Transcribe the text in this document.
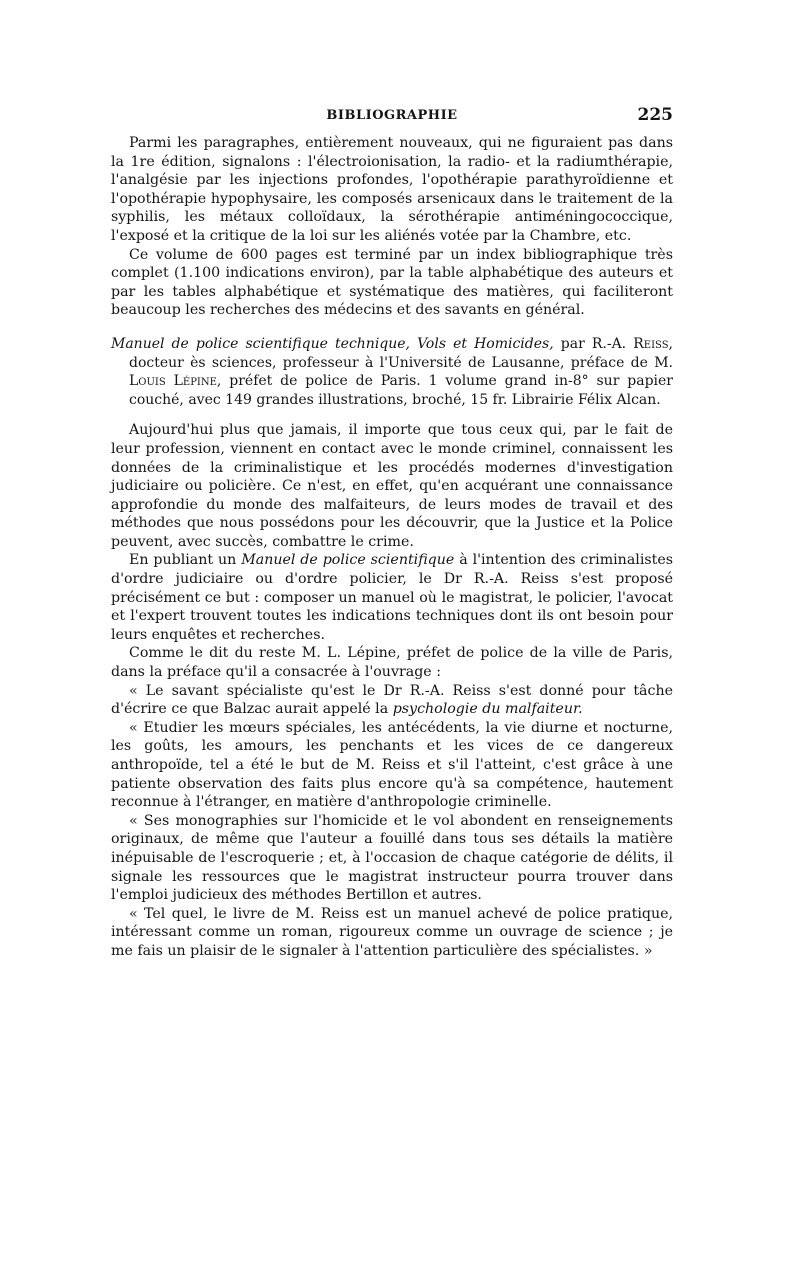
BIBLIOGRAPHIE	225

Parmi les paragraphes, entièrement nouveaux, qui ne figuraient pas dans la 1re édition, signalons : l'électroionisation, la radio- et la radiumthérapie, l'analgésie par les injections profondes, l'opothérapie parathyroïdienne et l'opothérapie hypophysaire, les composés arsenicaux dans le traitement de la syphilis, les métaux colloïdaux, la sérothérapie antiméningococcique, l'exposé et la critique de la loi sur les aliénés votée par la Chambre, etc.

Ce volume de 600 pages est terminé par un index bibliographique très complet (1.100 indications environ), par la table alphabétique des auteurs et par les tables alphabétique et systématique des matières, qui faciliteront beaucoup les recherches des médecins et des savants en général.

Manuel de police scientifique technique, Vols et Homicides, par R.-A. Reiss, docteur ès sciences, professeur à l'Université de Lausanne, préface de M. Louis Lépine, préfet de police de Paris. 1 volume grand in-8° sur papier couché, avec 149 grandes illustrations, broché, 15 fr. Librairie Félix Alcan.

Aujourd'hui plus que jamais, il importe que tous ceux qui, par le fait de leur profession, viennent en contact avec le monde criminel, connaissent les données de la criminalistique et les procédés modernes d'investigation judiciaire ou policière. Ce n'est, en effet, qu'en acquérant une connaissance approfondie du monde des malfaiteurs, de leurs modes de travail et des méthodes que nous possédons pour les découvrir, que la Justice et la Police peuvent, avec succès, combattre le crime.

En publiant un Manuel de police scientifique à l'intention des criminalistes d'ordre judiciaire ou d'ordre policier, le Dr R.-A. Reiss s'est proposé précisément ce but : composer un manuel où le magistrat, le policier, l'avocat et l'expert trouvent toutes les indications techniques dont ils ont besoin pour leurs enquêtes et recherches.

Comme le dit du reste M. L. Lépine, préfet de police de la ville de Paris, dans la préface qu'il a consacrée à l'ouvrage :

« Le savant spécialiste qu'est le Dr R.-A. Reiss s'est donné pour tâche d'écrire ce que Balzac aurait appelé la psychologie du malfaiteur.

« Etudier les mœurs spéciales, les antécédents, la vie diurne et nocturne, les goûts, les amours, les penchants et les vices de ce dangereux anthropoïde, tel a été le but de M. Reiss et s'il l'atteint, c'est grâce à une patiente observation des faits plus encore qu'à sa compétence, hautement reconnue à l'étranger, en matière d'anthropologie criminelle.

« Ses monographies sur l'homicide et le vol abondent en renseignements originaux, de même que l'auteur a fouillé dans tous ses détails la matière inépuisable de l'escroquerie ; et, à l'occasion de chaque catégorie de délits, il signale les ressources que le magistrat instructeur pourra trouver dans l'emploi judicieux des méthodes Bertillon et autres.

« Tel quel, le livre de M. Reiss est un manuel achevé de police pratique, intéressant comme un roman, rigoureux comme un ouvrage de science ; je me fais un plaisir de le signaler à l'attention particulière des spécialistes. »
